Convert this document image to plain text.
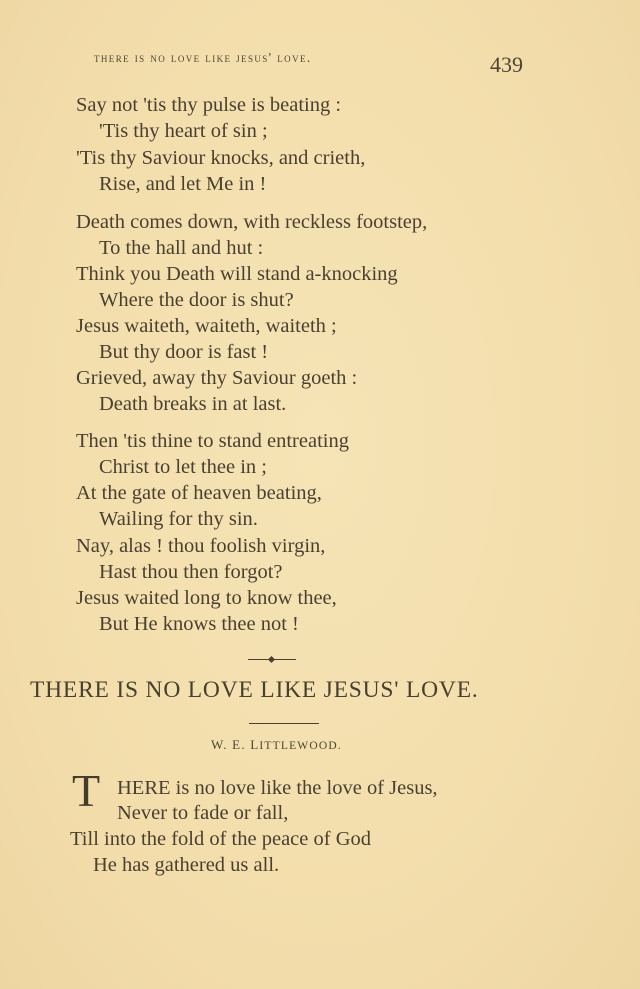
there is no love like jesus' love.	439
Say not 'tis thy pulse is beating :
'Tis thy heart of sin ;
'Tis thy Saviour knocks, and crieth,
Rise, and let Me in !
Death comes down, with reckless footstep,
To the hall and hut :
Think you Death will stand a-knocking
Where the door is shut?
Jesus waiteth, waiteth, waiteth ;
But thy door is fast !
Grieved, away thy Saviour goeth :
Death breaks in at last.
Then 'tis thine to stand entreating
Christ to let thee in ;
At the gate of heaven beating,
Wailing for thy sin.
Nay, alas ! thou foolish virgin,
Hast thou then forgot?
Jesus waited long to know thee,
But He knows thee not !
THERE IS NO LOVE LIKE JESUS' LOVE.
W. E. LITTLEWOOD.
T HERE is no love like the love of Jesus,
Never to fade or fall,
Till into the fold of the peace of God
He has gathered us all.
